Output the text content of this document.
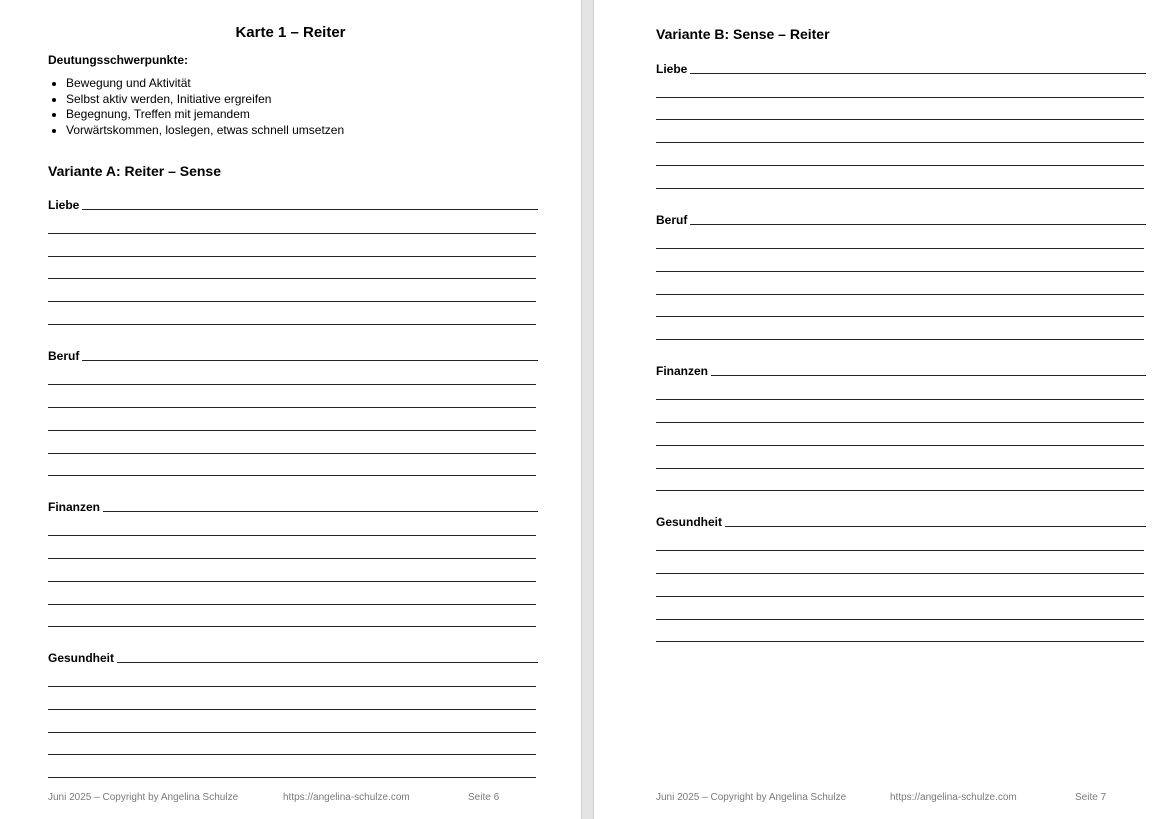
Karte 1 – Reiter

Deutungsschwerpunkte:

• Bewegung und Aktivität
• Selbst aktiv werden, Initiative ergreifen
• Begegnung, Treffen mit jemandem
• Vorwärtskommen, loslegen, etwas schnell umsetzen
Variante A: Reiter – Sense
Liebe
Beruf
Finanzen
Gesundheit
Juni 2025 – Copyright by Angelina Schulze	https://angelina-schulze.com	Seite 6
Variante B: Sense – Reiter
Liebe
Beruf
Finanzen
Gesundheit
Juni 2025 – Copyright by Angelina Schulze	https://angelina-schulze.com	Seite 7
